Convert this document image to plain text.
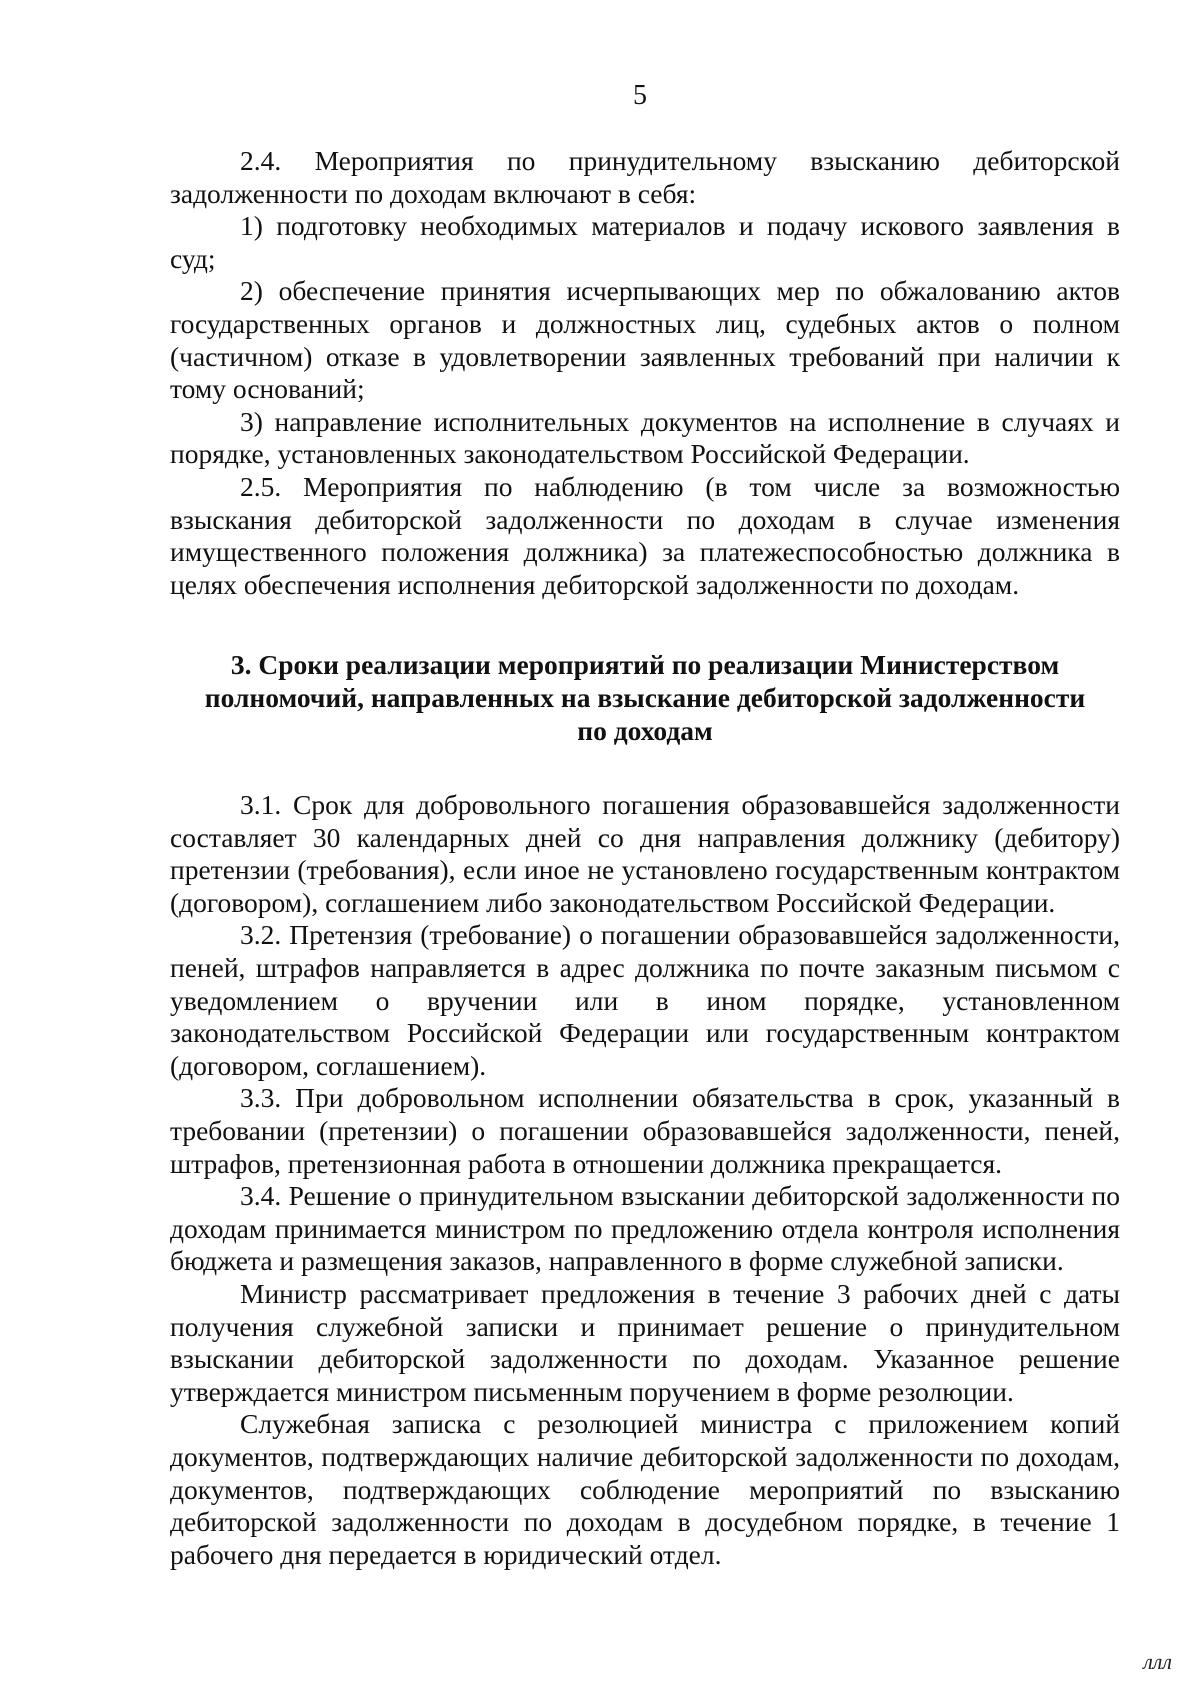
5

2.4. Мероприятия по принудительному взысканию дебиторской задолженности по доходам включают в себя:

1) подготовку необходимых материалов и подачу искового заявления в суд;

2) обеспечение принятия исчерпывающих мер по обжалованию актов государственных органов и должностных лиц, судебных актов о полном (частичном) отказе в удовлетворении заявленных требований при наличии к тому оснований;

3) направление исполнительных документов на исполнение в случаях и порядке, установленных законодательством Российской Федерации.

2.5. Мероприятия по наблюдению (в том числе за возможностью взыскания дебиторской задолженности по доходам в случае изменения имущественного положения должника) за платежеспособностью должника в целях обеспечения исполнения дебиторской задолженности по доходам.

3. Сроки реализации мероприятий по реализации Министерством
полномочий, направленных на взыскание дебиторской задолженности
по доходам

3.1. Срок для добровольного погашения образовавшейся задолженности составляет 30 календарных дней со дня направления должнику (дебитору) претензии (требования), если иное не установлено государственным контрактом (договором), соглашением либо законодательством Российской Федерации.

3.2. Претензия (требование) о погашении образовавшейся задолженности, пеней, штрафов направляется в адрес должника по почте заказным письмом с уведомлением о вручении или в ином порядке, установленном законодательством Российской Федерации или государственным контрактом (договором, соглашением).

3.3. При добровольном исполнении обязательства в срок, указанный в требовании (претензии) о погашении образовавшейся задолженности, пеней, штрафов, претензионная работа в отношении должника прекращается.

3.4. Решение о принудительном взыскании дебиторской задолженности по доходам принимается министром по предложению отдела контроля исполнения бюджета и размещения заказов, направленного в форме служебной записки.

Министр рассматривает предложения в течение 3 рабочих дней с даты получения служебной записки и принимает решение о принудительном взыскании дебиторской задолженности по доходам. Указанное решение утверждается министром письменным поручением в форме резолюции.

Служебная записка с резолюцией министра с приложением копий документов, подтверждающих наличие дебиторской задолженности по доходам, документов, подтверждающих соблюдение мероприятий по взысканию дебиторской задолженности по доходам в досудебном порядке, в течение 1 рабочего дня передается в юридический отдел.

ллл
